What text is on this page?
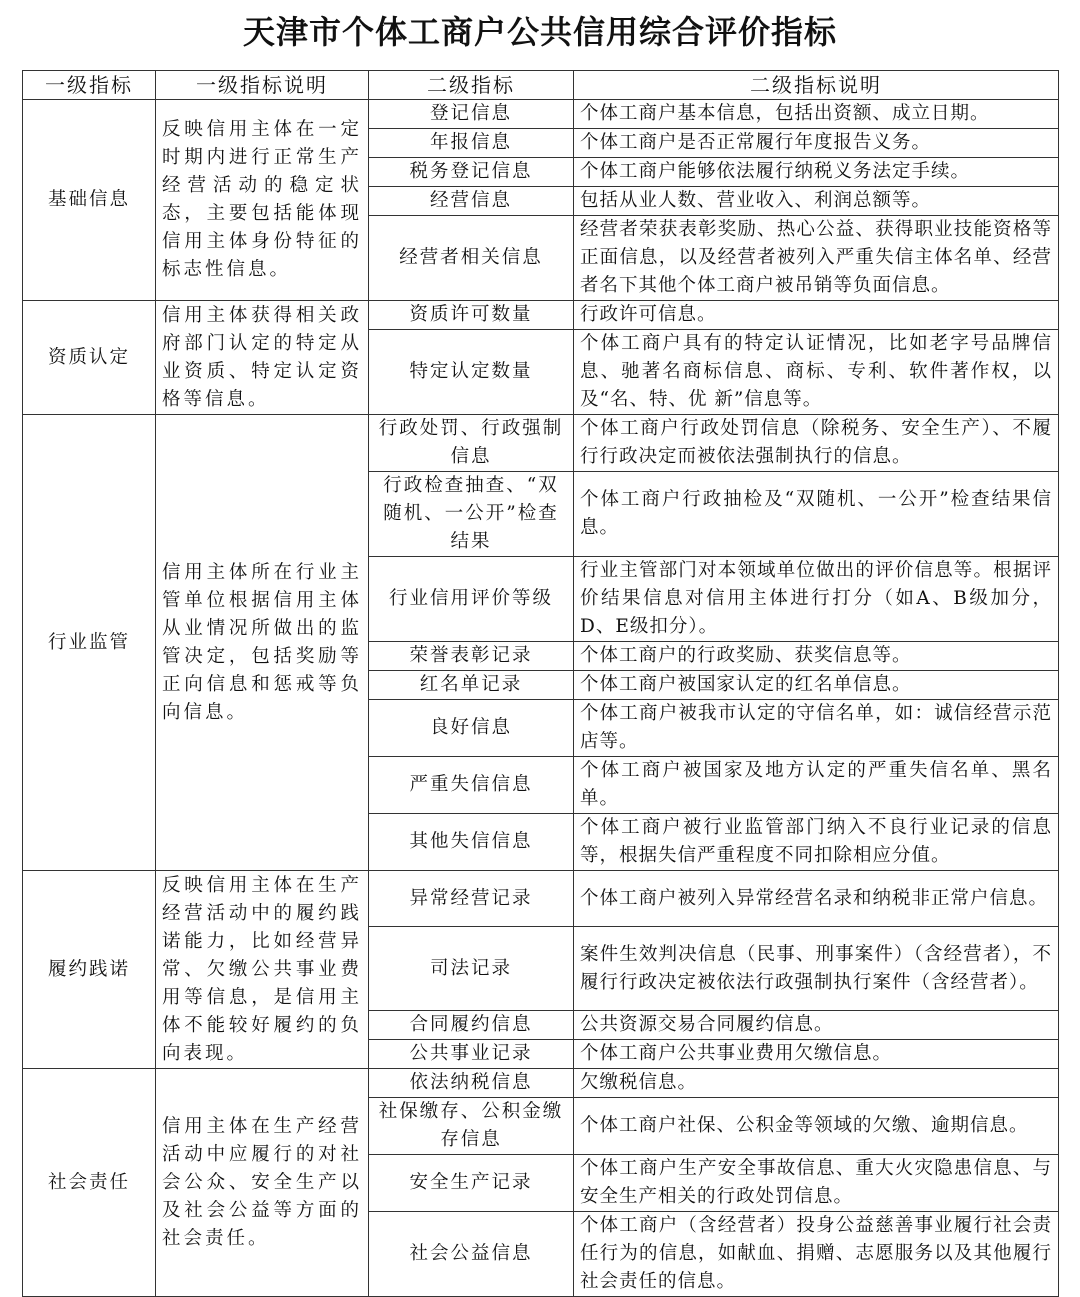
天津市个体工商户公共信用综合评价指标
一级指标	一级指标说明	二级指标	二级指标说明
基础信息	反映信用主体在一定时期内进行正常生产经营活动的稳定状态，主要包括能体现信用主体身份特征的标志性信息。	登记信息	个体工商户基本信息，包括出资额、成立日期。
		年报信息	个体工商户是否正常履行年度报告义务。
		税务登记信息	个体工商户能够依法履行纳税义务法定手续。
		经营信息	包括从业人数、营业收入、利润总额等。
		经营者相关信息	经营者荣获表彰奖励、热心公益、获得职业技能资格等正面信息，以及经营者被列入严重失信主体名单、经营者名下其他个体工商户被吊销等负面信息。
资质认定	信用主体获得相关政府部门认定的特定从业资质、特定认定资格等信息。	资质许可数量	行政许可信息。
		特定认定数量	个体工商户具有的特定认证情况，比如老字号品牌信息、驰著名商标信息、商标、专利、软件著作权，以及“名、特、优 新”信息等。
行业监管	信用主体所在行业主管单位根据信用主体从业情况所做出的监管决定，包括奖励等正向信息和惩戒等负向信息。	行政处罚、行政强制信息	个体工商户行政处罚信息（除税务、安全生产）、不履行行政决定而被依法强制执行的信息。
		行政检查抽查、“双随机、一公开”检查结果	个体工商户行政抽检及“双随机、一公开”检查结果信息。
		行业信用评价等级	行业主管部门对本领域单位做出的评价信息等。根据评价结果信息对信用主体进行打分（如A、B级加分，D、E级扣分）。
		荣誉表彰记录	个体工商户的行政奖励、获奖信息等。
		红名单记录	个体工商户被国家认定的红名单信息。
		良好信息	个体工商户被我市认定的守信名单，如：诚信经营示范店等。
		严重失信信息	个体工商户被国家及地方认定的严重失信名单、黑名单。
		其他失信信息	个体工商户被行业监管部门纳入不良行业记录的信息等，根据失信严重程度不同扣除相应分值。
履约践诺	反映信用主体在生产经营活动中的履约践诺能力，比如经营异常、欠缴公共事业费用等信息，是信用主体不能较好履约的负向表现。	异常经营记录	个体工商户被列入异常经营名录和纳税非正常户信息。
		司法记录	案件生效判决信息（民事、刑事案件）（含经营者），不履行行政决定被依法行政强制执行案件（含经营者）。
		合同履约信息	公共资源交易合同履约信息。
		公共事业记录	个体工商户公共事业费用欠缴信息。
社会责任	信用主体在生产经营活动中应履行的对社会公众、安全生产以及社会公益等方面的社会责任。	依法纳税信息	欠缴税信息。
		社保缴存、公积金缴存信息	个体工商户社保、公积金等领域的欠缴、逾期信息。
		安全生产记录	个体工商户生产安全事故信息、重大火灾隐患信息、与安全生产相关的行政处罚信息。
		社会公益信息	个体工商户（含经营者）投身公益慈善事业履行社会责任行为的信息，如献血、捐赠、志愿服务以及其他履行社会责任的信息。
